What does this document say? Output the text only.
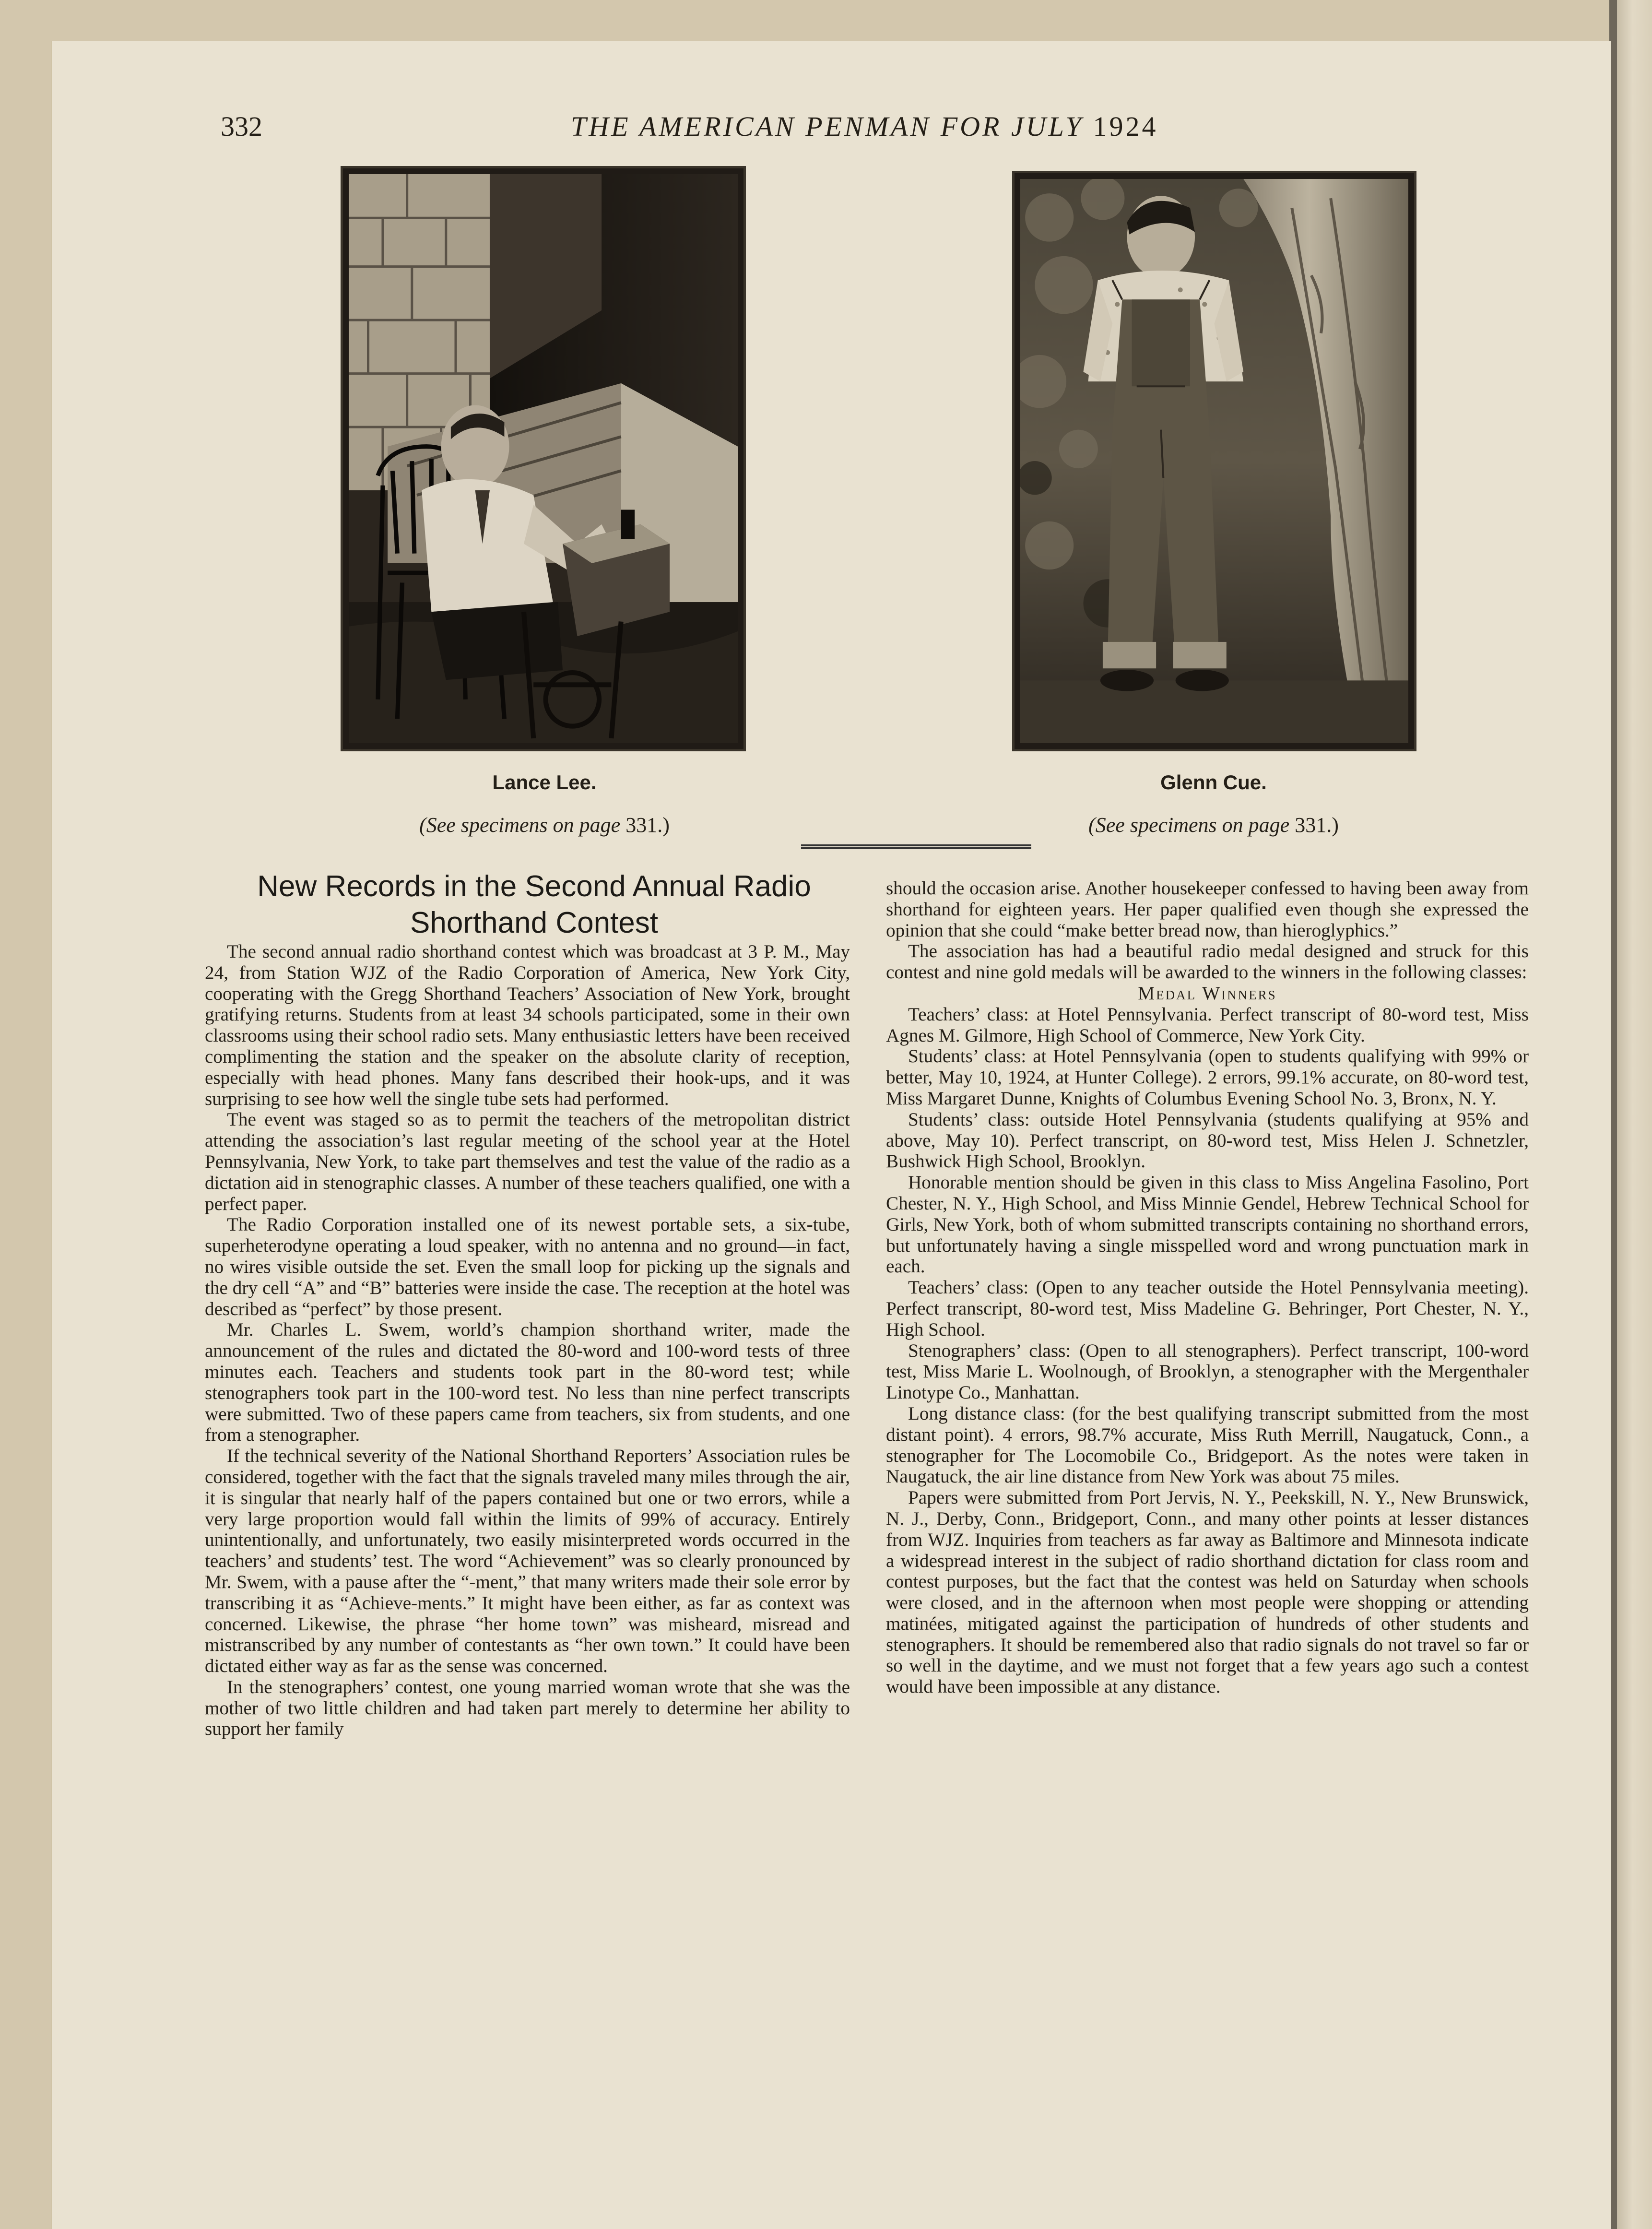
332	THE AMERICAN PENMAN FOR JULY 1924
Lance Lee.
(See specimens on page 331.)
Glenn Cue.
(See specimens on page 331.)
New Records in the Second Annual Radio Shorthand Contest

The second annual radio shorthand contest which was broadcast at 3 P. M., May 24, from Station WJZ of the Radio Corporation of America, New York City, cooperating with the Gregg Shorthand Teachers’ Association of New York, brought gratifying returns. Students from at least 34 schools participated, some in their own classrooms using their school radio sets. Many enthusiastic letters have been received complimenting the station and the speaker on the absolute clarity of reception, especially with head phones. Many fans described their hook-ups, and it was surprising to see how well the single tube sets had performed.

The event was staged so as to permit the teachers of the metropolitan district attending the association’s last regular meeting of the school year at the Hotel Pennsylvania, New York, to take part themselves and test the value of the radio as a dictation aid in stenographic classes. A number of these teachers qualified, one with a perfect paper.

The Radio Corporation installed one of its newest portable sets, a six-tube, superheterodyne operating a loud speaker, with no antenna and no ground—in fact, no wires visible outside the set. Even the small loop for picking up the signals and the dry cell “A” and “B” batteries were inside the case. The reception at the hotel was described as “perfect” by those present.

Mr. Charles L. Swem, world’s champion shorthand writer, made the announcement of the rules and dictated the 80-word and 100-word tests of three minutes each. Teachers and students took part in the 80-word test; while stenographers took part in the 100-word test. No less than nine perfect transcripts were submitted. Two of these papers came from teachers, six from students, and one from a stenographer.

If the technical severity of the National Shorthand Reporters’ Association rules be considered, together with the fact that the signals traveled many miles through the air, it is singular that nearly half of the papers contained but one or two errors, while a very large proportion would fall within the limits of 99% of accuracy. Entirely unintentionally, and unfortunately, two easily misinterpreted words occurred in the teachers’ and students’ test. The word “Achievement” was so clearly pronounced by Mr. Swem, with a pause after the “-ment,” that many writers made their sole error by transcribing it as “Achieve-ments.” It might have been either, as far as context was concerned. Likewise, the phrase “her home town” was misheard, misread and mistranscribed by any number of contestants as “her own town.” It could have been dictated either way as far as the sense was concerned.

In the stenographers’ contest, one young married woman wrote that she was the mother of two little children and had taken part merely to determine her ability to support her family

should the occasion arise. Another housekeeper confessed to having been away from shorthand for eighteen years. Her paper qualified even though she expressed the opinion that she could “make better bread now, than hieroglyphics.”

The association has had a beautiful radio medal designed and struck for this contest and nine gold medals will be awarded to the winners in the following classes:

Medal Winners

Teachers’ class: at Hotel Pennsylvania. Perfect transcript of 80-word test, Miss Agnes M. Gilmore, High School of Commerce, New York City.

Students’ class: at Hotel Pennsylvania (open to students qualifying with 99% or better, May 10, 1924, at Hunter College). 2 errors, 99.1% accurate, on 80-word test, Miss Margaret Dunne, Knights of Columbus Evening School No. 3, Bronx, N. Y.

Students’ class: outside Hotel Pennsylvania (students qualifying at 95% and above, May 10). Perfect transcript, on 80-word test, Miss Helen J. Schnetzler, Bushwick High School, Brooklyn.

Honorable mention should be given in this class to Miss Angelina Fasolino, Port Chester, N. Y., High School, and Miss Minnie Gendel, Hebrew Technical School for Girls, New York, both of whom submitted transcripts containing no shorthand errors, but unfortunately having a single misspelled word and wrong punctuation mark in each.

Teachers’ class: (Open to any teacher outside the Hotel Pennsylvania meeting). Perfect transcript, 80-word test, Miss Madeline G. Behringer, Port Chester, N. Y., High School.

Stenographers’ class: (Open to all stenographers). Perfect transcript, 100-word test, Miss Marie L. Woolnough, of Brooklyn, a stenographer with the Mergenthaler Linotype Co., Manhattan.

Long distance class: (for the best qualifying transcript submitted from the most distant point). 4 errors, 98.7% accurate, Miss Ruth Merrill, Naugatuck, Conn., a stenographer for The Locomobile Co., Bridgeport. As the notes were taken in Naugatuck, the air line distance from New York was about 75 miles.

Papers were submitted from Port Jervis, N. Y., Peekskill, N. Y., New Brunswick, N. J., Derby, Conn., Bridgeport, Conn., and many other points at lesser distances from WJZ. Inquiries from teachers as far away as Baltimore and Minnesota indicate a widespread interest in the subject of radio shorthand dictation for class room and contest purposes, but the fact that the contest was held on Saturday when schools were closed, and in the afternoon when most people were shopping or attending matinées, mitigated against the participation of hundreds of other students and stenographers. It should be remembered also that radio signals do not travel so far or so well in the daytime, and we must not forget that a few years ago such a contest would have been impossible at any distance.
